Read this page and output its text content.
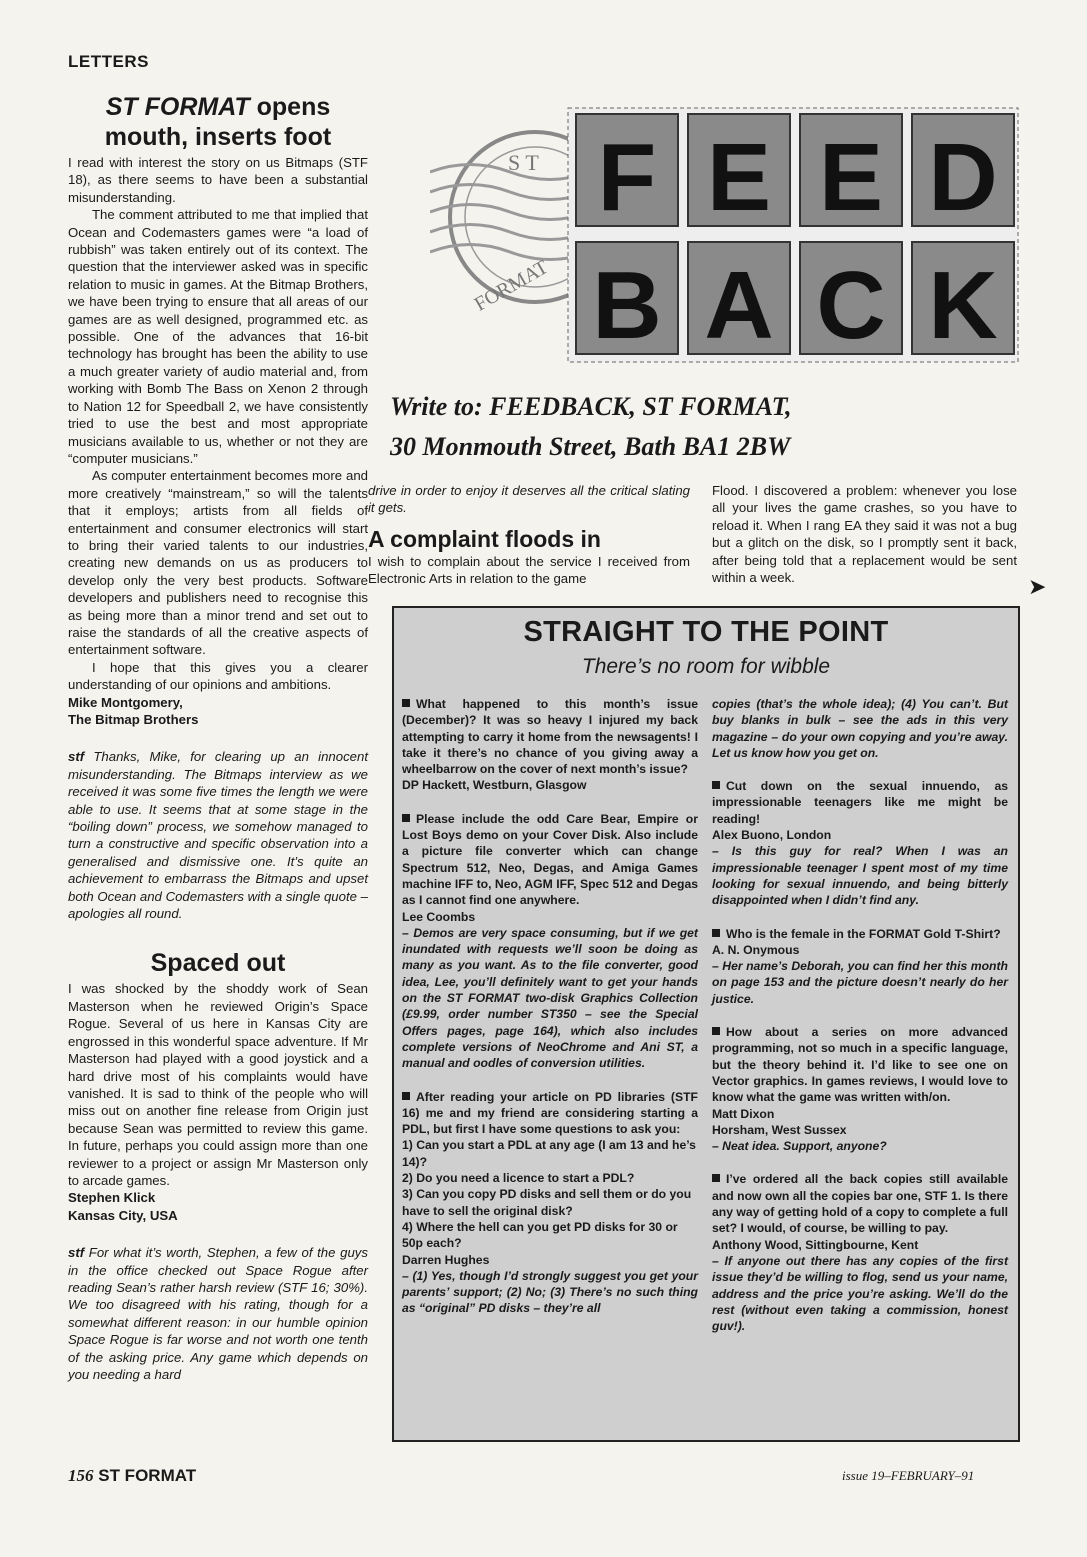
LETTERS
ST FORMAT opens mouth, inserts foot

I read with interest the story on us Bitmaps (STF 18), as there seems to have been a substantial misunderstanding.

The comment attributed to me that implied that Ocean and Codemasters games were “a load of rubbish” was taken entirely out of its context. The question that the interviewer asked was in specific relation to music in games. At the Bitmap Brothers, we have been trying to ensure that all areas of our games are as well designed, programmed etc. as possible. One of the advances that 16-bit technology has brought has been the ability to use a much greater variety of audio material and, from working with Bomb The Bass on Xenon 2 through to Nation 12 for Speedball 2, we have consistently tried to use the best and most appropriate musicians available to us, whether or not they are “computer musicians.”

As computer entertainment becomes more and more creatively “mainstream,” so will the talents that it employs; artists from all fields of entertainment and consumer electronics will start to bring their varied talents to our industries, creating new demands on us as producers to develop only the very best products. Software developers and publishers need to recognise this as being more than a minor trend and set out to raise the standards of all the creative aspects of entertainment software.

I hope that this gives you a clearer understanding of our opinions and ambitions.

Mike Montgomery,
The Bitmap Brothers

stf Thanks, Mike, for clearing up an innocent misunderstanding. The Bitmaps interview as we received it was some five times the length we were able to use. It seems that at some stage in the “boiling down” process, we somehow managed to turn a constructive and specific observation into a generalised and dismissive one. It’s quite an achievement to embarrass the Bitmaps and upset both Ocean and Codemasters with a single quote – apologies all round.

Spaced out

I was shocked by the shoddy work of Sean Masterson when he reviewed Origin’s Space Rogue. Several of us here in Kansas City are engrossed in this wonderful space adventure. If Mr Masterson had played with a good joystick and a hard drive most of his complaints would have vanished. It is sad to think of the people who will miss out on another fine release from Origin just because Sean was permitted to review this game. In future, perhaps you could assign more than one reviewer to a project or assign Mr Masterson only to arcade games.

Stephen Klick
Kansas City, USA

stf For what it’s worth, Stephen, a few of the guys in the office checked out Space Rogue after reading Sean’s rather harsh review (STF 16; 30%). We too disagreed with his rating, though for a somewhat different reason: in our humble opinion Space Rogue is far worse and not worth one tenth of the asking price. Any game which depends on you needing a hard

S T
FORMAT
F E E D
B A C K
Write to: FEEDBACK, ST FORMAT,
30 Monmouth Street, Bath BA1 2BW

drive in order to enjoy it deserves all the critical slating it gets.

A complaint floods in

I wish to complain about the service I received from Electronic Arts in relation to the game

Flood. I discovered a problem: whenever you lose all your lives the game crashes, so you have to reload it. When I rang EA they said it was not a bug but a glitch on the disk, so I promptly sent it back, after being told that a replacement would be sent within a week.	➤
STRAIGHT TO THE POINT
There’s no room for wibble

What happened to this month’s issue (December)? It was so heavy I injured my back attempting to carry it home from the newsagents! I take it there’s no chance of you giving away a wheelbarrow on the cover of next month’s issue?

DP Hackett, Westburn, Glasgow

Please include the odd Care Bear, Empire or Lost Boys demo on your Cover Disk. Also include a picture file converter which can change Spectrum 512, Neo, Degas, and Amiga Games machine IFF to, Neo, AGM IFF, Spec 512 and Degas as I cannot find one anywhere.

Lee Coombs

– Demos are very space consuming, but if we get inundated with requests we’ll soon be doing as many as you want. As to the file converter, good idea, Lee, you’ll definitely want to get your hands on the ST FORMAT two-disk Graphics Collection (£9.99, order number ST350 – see the Special Offers pages, page 164), which also includes complete versions of NeoChrome and Ani ST, a manual and oodles of conversion utilities.

After reading your article on PD libraries (STF 16) me and my friend are considering starting a PDL, but first I have some questions to ask you:

1) Can you start a PDL at any age (I am 13 and he’s 14)?
2) Do you need a licence to start a PDL?
3) Can you copy PD disks and sell them or do you have to sell the original disk?
4) Where the hell can you get PD disks for 30 or 50p each?
Darren Hughes

– (1) Yes, though I’d strongly suggest you get your parents’ support; (2) No; (3) There’s no such thing as “original” PD disks – they’re all

copies (that’s the whole idea); (4) You can’t. But buy blanks in bulk – see the ads in this very magazine – do your own copying and you’re away. Let us know how you get on.

Cut down on the sexual innuendo, as impressionable teenagers like me might be reading!

Alex Buono, London

– Is this guy for real? When I was an impressionable teenager I spent most of my time looking for sexual innuendo, and being bitterly disappointed when I didn’t find any.

Who is the female in the FORMAT Gold T-Shirt?

A. N. Onymous

– Her name’s Deborah, you can find her this month on page 153 and the picture doesn’t nearly do her justice.

How about a series on more advanced programming, not so much in a specific language, but the theory behind it. I’d like to see one on Vector graphics. In games reviews, I would love to know what the game was written with/on.

Matt Dixon
Horsham, West Sussex

– Neat idea. Support, anyone?

I’ve ordered all the back copies still available and now own all the copies bar one, STF 1. Is there any way of getting hold of a copy to complete a full set? I would, of course, be willing to pay.

Anthony Wood, Sittingbourne, Kent

– If anyone out there has any copies of the first issue they’d be willing to flog, send us your name, address and the price you’re asking. We’ll do the rest (without even taking a commission, honest guv!).

156 ST FORMAT	issue 19–FEBRUARY–91
